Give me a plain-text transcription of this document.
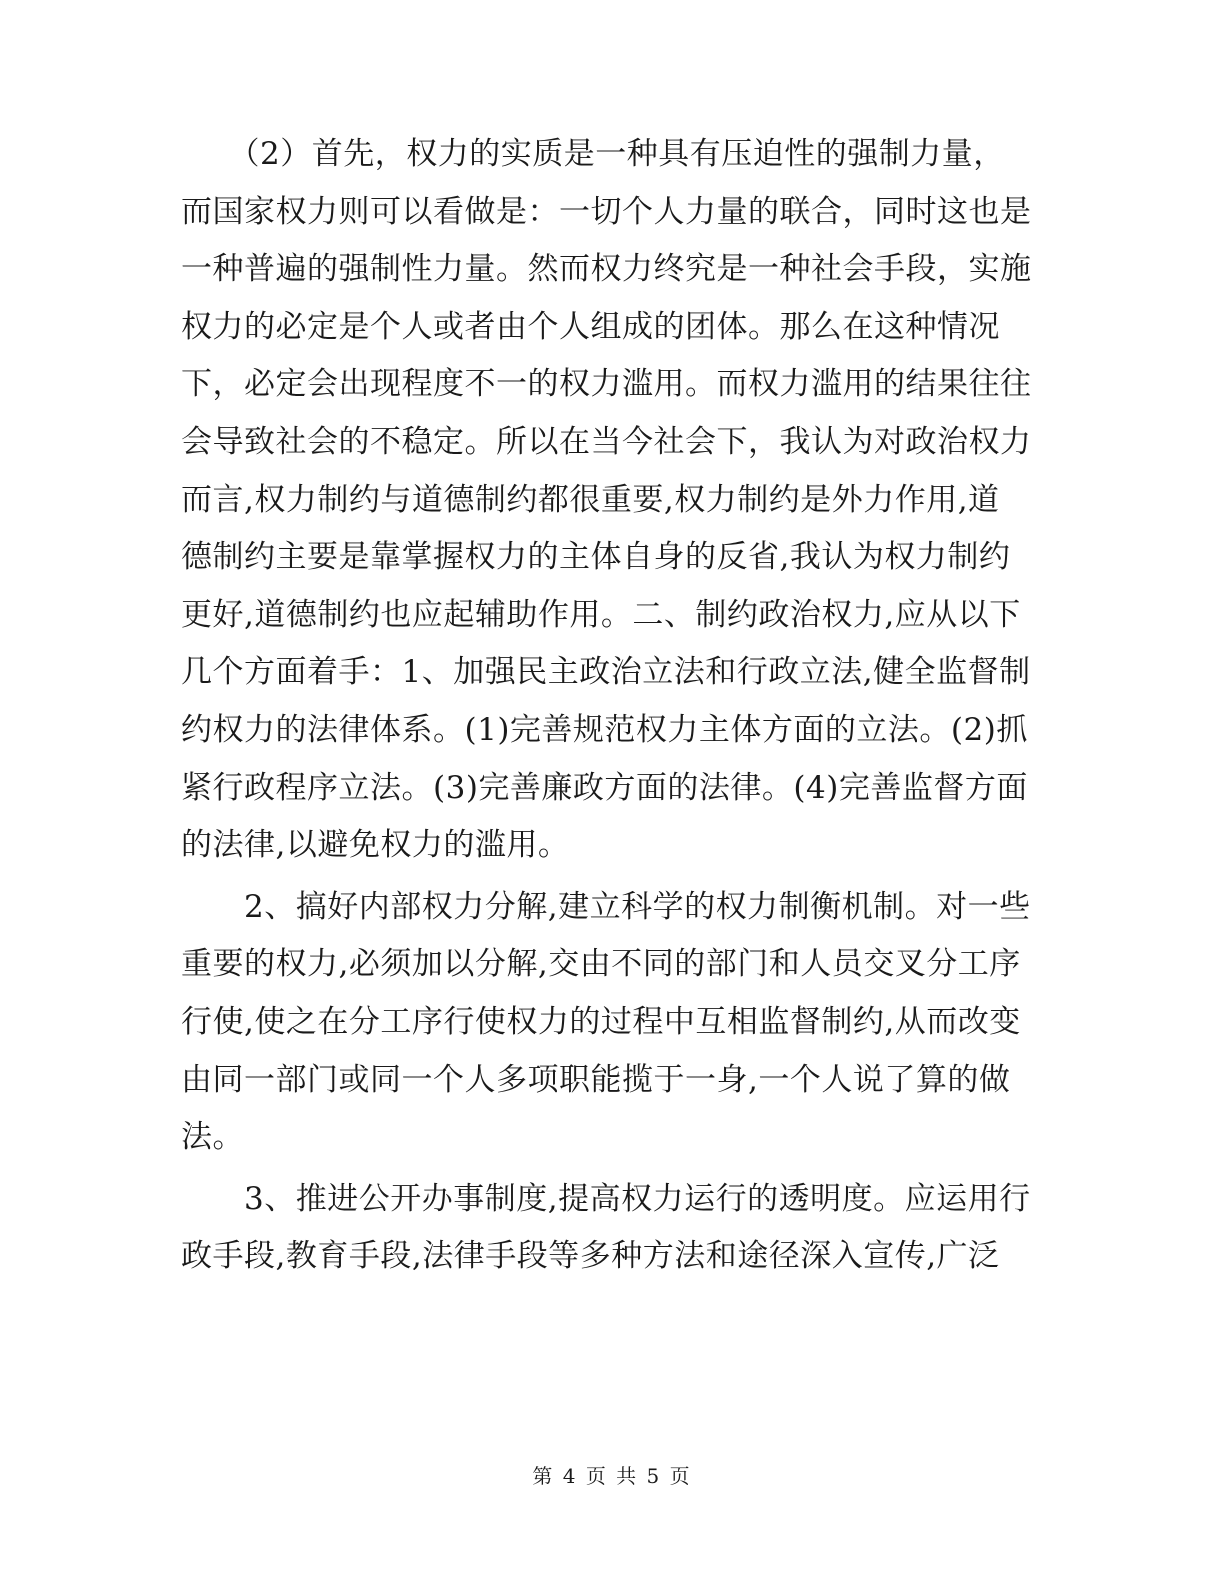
　　（2）首先，权力的实质是一种具有压迫性的强制力量，
而国家权力则可以看做是：一切个人力量的联合，同时这也是
一种普遍的强制性力量。然而权力终究是一种社会手段，实施
权力的必定是个人或者由个人组成的团体。那么在这种情况
下，必定会出现程度不一的权力滥用。而权力滥用的结果往往
会导致社会的不稳定。所以在当今社会下，我认为对政治权力
而言,权力制约与道德制约都很重要,权力制约是外力作用,道
德制约主要是靠掌握权力的主体自身的反省,我认为权力制约
更好,道德制约也应起辅助作用。二、制约政治权力,应从以下
几个方面着手：1、加强民主政治立法和行政立法,健全监督制
约权力的法律体系。(1)完善规范权力主体方面的立法。(2)抓
紧行政程序立法。(3)完善廉政方面的法律。(4)完善监督方面
的法律,以避免权力的滥用。
　　2、搞好内部权力分解,建立科学的权力制衡机制。对一些
重要的权力,必须加以分解,交由不同的部门和人员交叉分工序
行使,使之在分工序行使权力的过程中互相监督制约,从而改变
由同一部门或同一个人多项职能揽于一身,一个人说了算的做
法。
　　3、推进公开办事制度,提高权力运行的透明度。应运用行
政手段,教育手段,法律手段等多种方法和途径深入宣传,广泛
第 4 页 共 5 页
